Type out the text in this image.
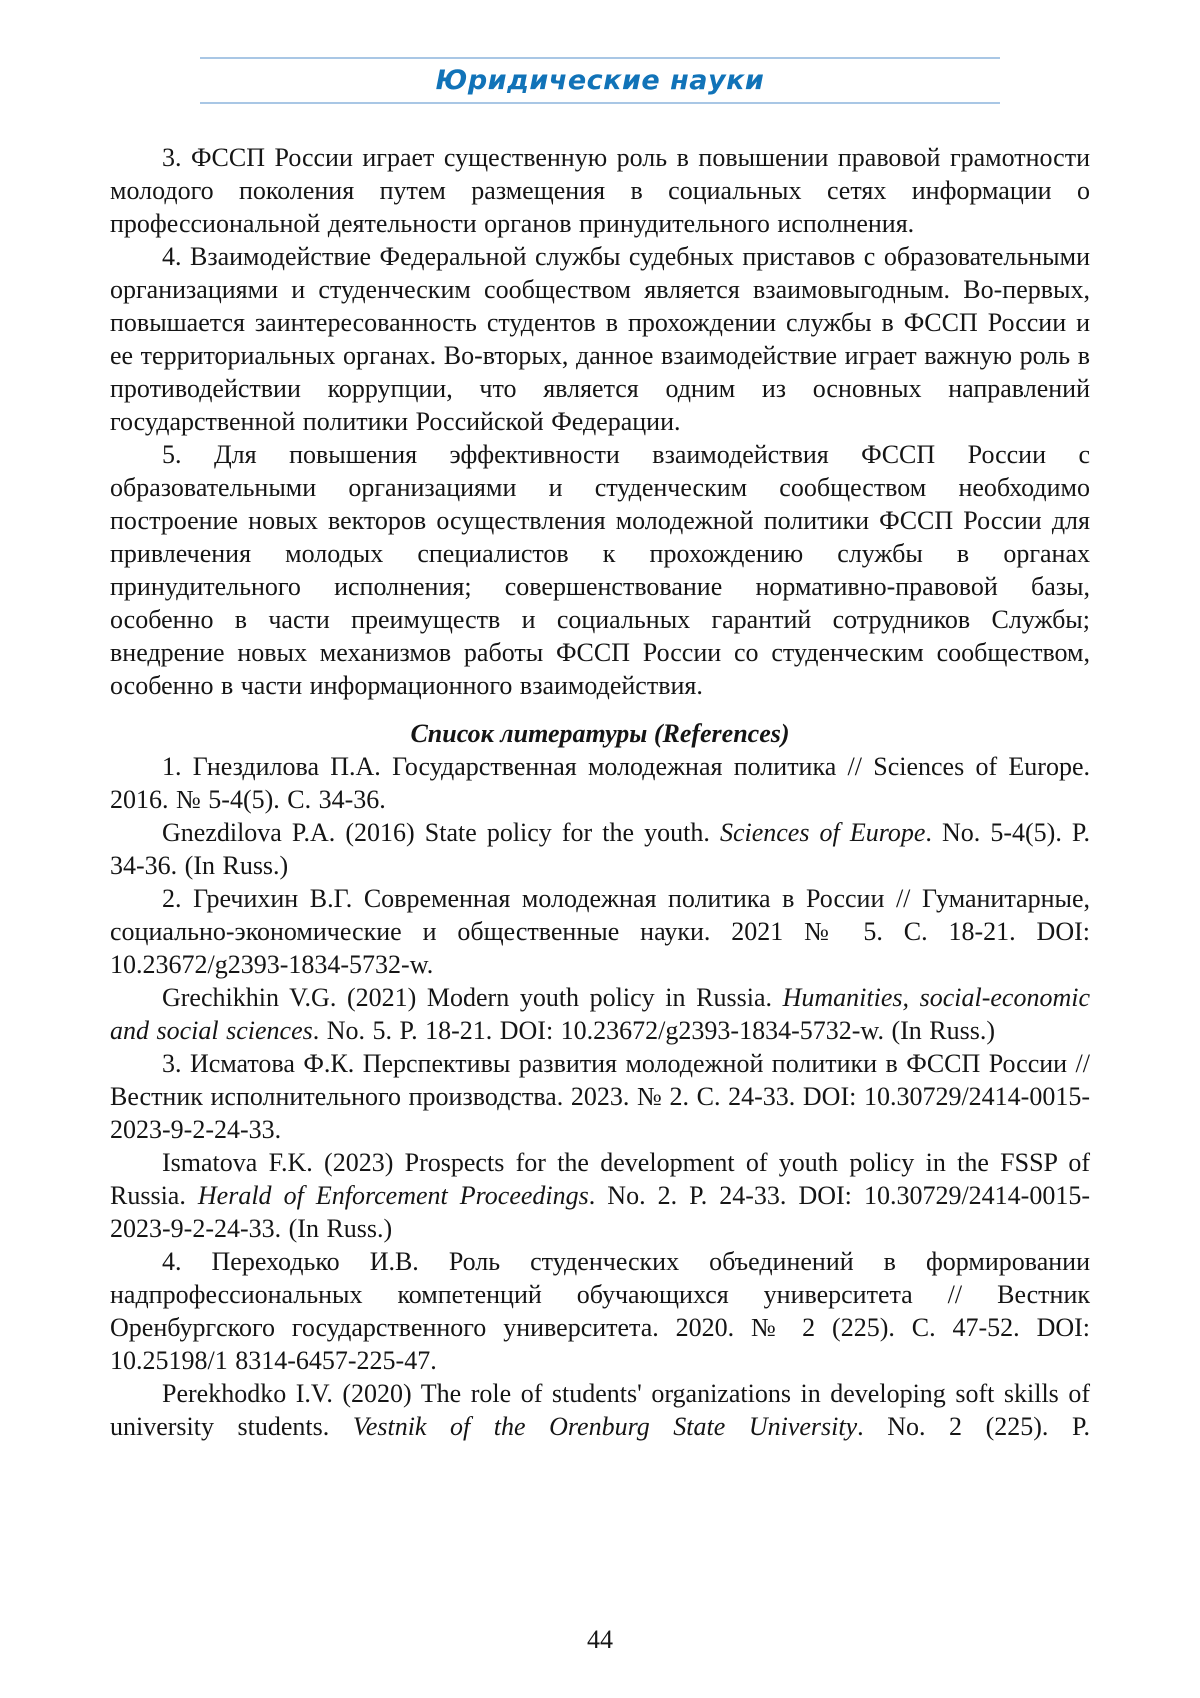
Юридические науки

3. ФССП России играет существенную роль в повышении правовой грамотности молодого поколения путем размещения в социальных сетях информации о профессиональной деятельности органов принудительного исполнения.

4. Взаимодействие Федеральной службы судебных приставов с образовательными организациями и студенческим сообществом является взаимовыгодным. Во-первых, повышается заинтересованность студентов в прохождении службы в ФССП России и ее территориальных органах. Во-вторых, данное взаимодействие играет важную роль в противодействии коррупции, что является одним из основных направлений государственной политики Российской Федерации.

5. Для повышения эффективности взаимодействия ФССП России с образовательными организациями и студенческим сообществом необходимо построение новых векторов осуществления молодежной политики ФССП России для привлечения молодых специалистов к прохождению службы в органах принудительного исполнения; совершенствование нормативно-правовой базы, особенно в части преимуществ и социальных гарантий сотрудников Службы; внедрение новых механизмов работы ФССП России со студенческим сообществом, особенно в части информационного взаимодействия.

Список литературы (References)

1. Гнездилова П.А. Государственная молодежная политика // Sciences of Europe. 2016. № 5-4(5). С. 34-36.

Gnezdilova P.A. (2016) State policy for the youth. Sciences of Europe. No. 5-4(5). P. 34-36. (In Russ.)

2. Гречихин В.Г. Современная молодежная политика в России // Гуманитарные, социально-экономические и общественные науки. 2021 № 5. С. 18-21. DOI: 10.23672/g2393-1834-5732-w.

Grechikhin V.G. (2021) Modern youth policy in Russia. Humanities, social-economic and social sciences. No. 5. P. 18-21. DOI: 10.23672/g2393-1834-5732-w. (In Russ.)

3. Исматова Ф.К. Перспективы развития молодежной политики в ФССП России // Вестник исполнительного производства. 2023. № 2. С. 24-33. DOI: 10.30729/2414-0015-2023-9-2-24-33.

Ismatova F.K. (2023) Prospects for the development of youth policy in the FSSP of Russia. Herald of Enforcement Proceedings. No. 2. P. 24-33. DOI: 10.30729/2414-0015-2023-9-2-24-33. (In Russ.)

4. Переходько И.В. Роль студенческих объединений в формировании надпрофессиональных компетенций обучающихся университета // Вестник Оренбургского государственного университета. 2020. № 2 (225). С. 47-52. DOI: 10.25198/1 8314-6457-225-47.

Perekhodko I.V. (2020) The role of students' organizations in developing soft skills of university students. Vestnik of the Orenburg State University. No. 2 (225). P.

44
